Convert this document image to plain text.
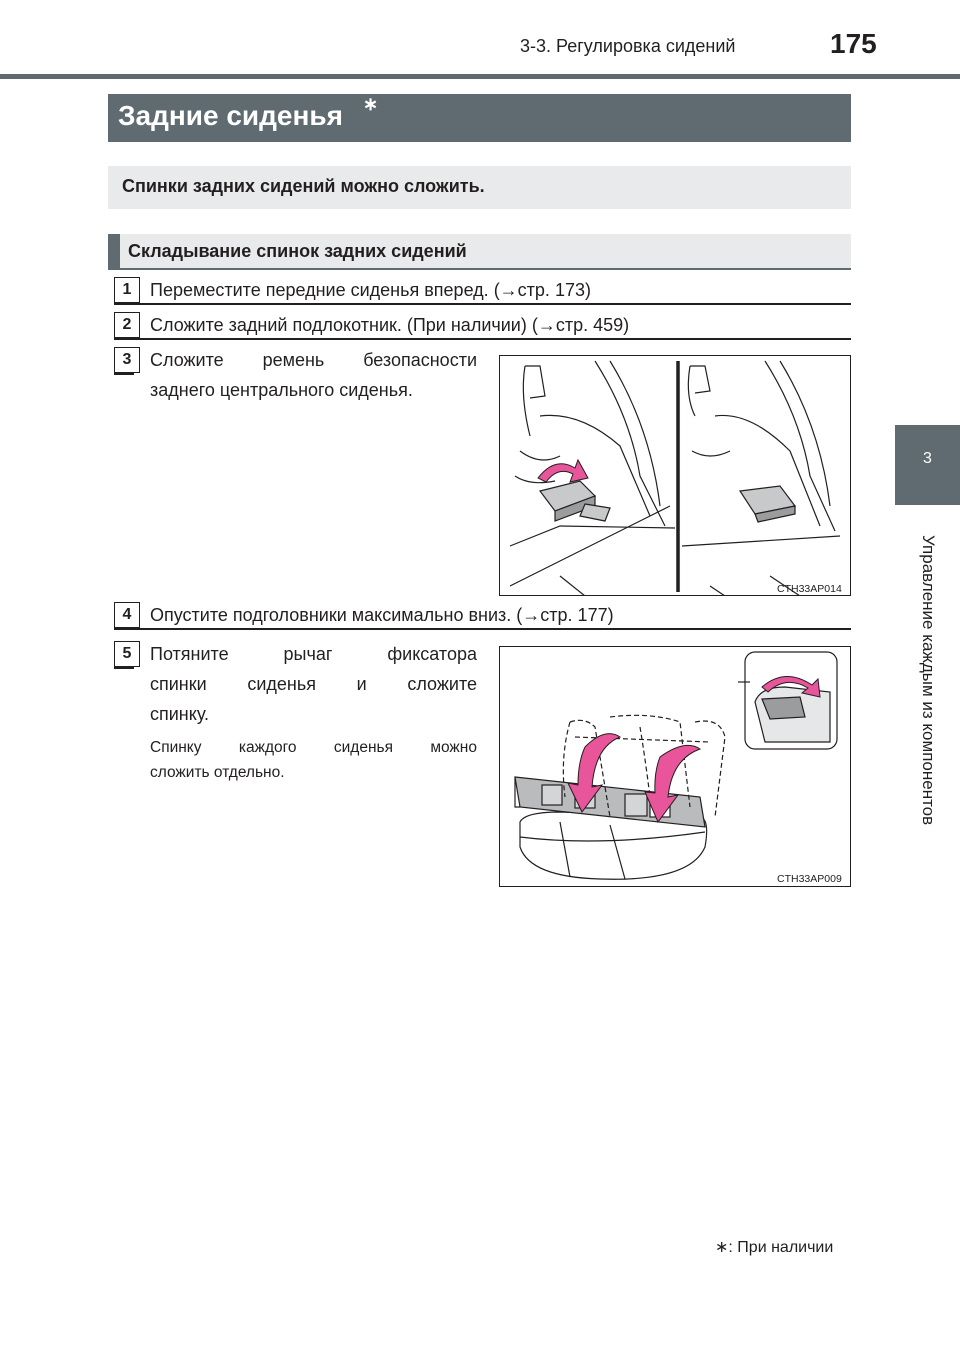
3-3. Регулировка сидений	175
3
Управление каждым из компонентов
Задние сиденья ∗
Спинки задних сидений можно сложить.
Складывание спинок задних сидений
1	Переместите передние сиденья вперед. (→стр. 173)
2	Сложите задний подлокотник. (При наличии) (→стр. 459)
3	Сложите ремень безопасности
заднего центрального сиденья.
CTH33AP014
4	Опустите подголовники максимально вниз. (→стр. 177)
5	Потяните рычаг фиксатора
спинки сиденья и сложите
спинку.
Спинку каждого сиденья можно
сложить отдельно.
CTH33AP009
∗: При наличии
